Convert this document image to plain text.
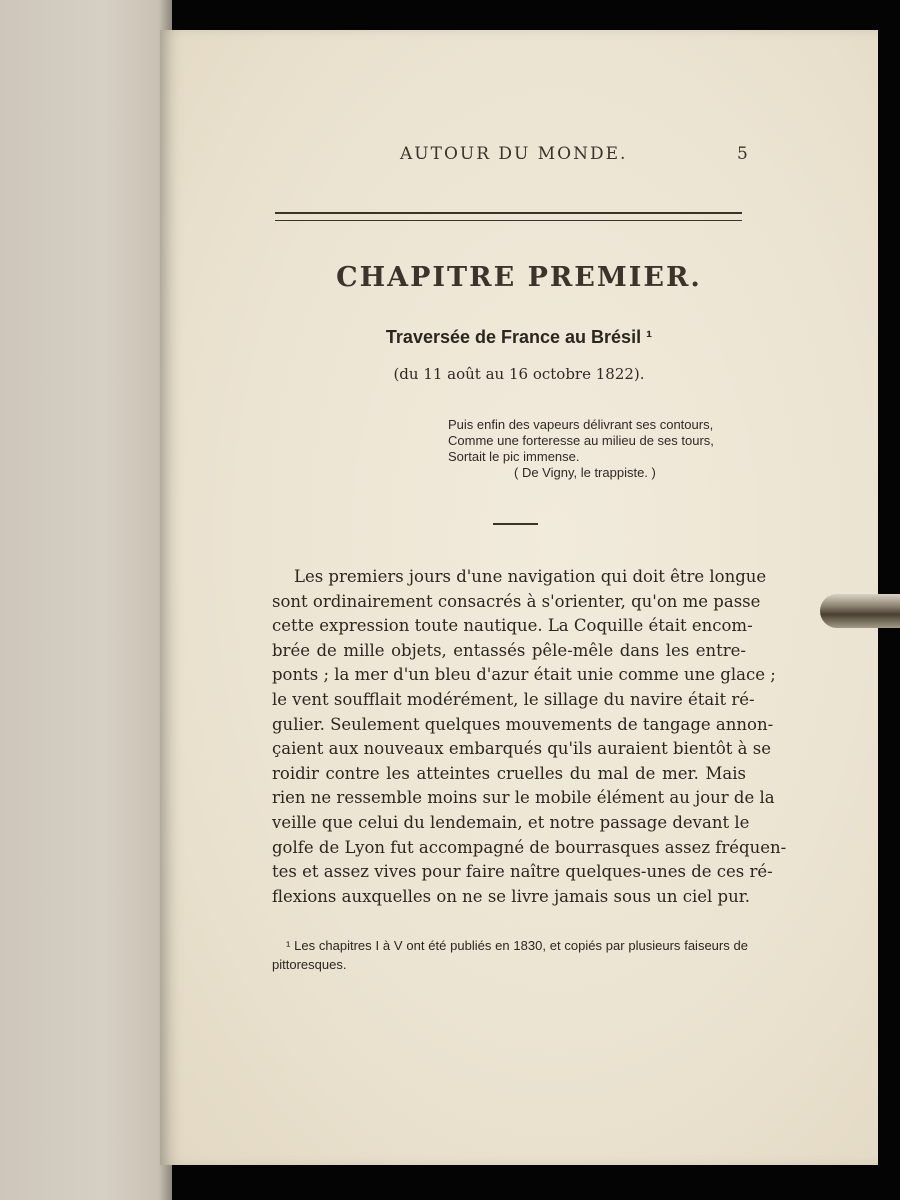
AUTOUR DU MONDE.	5
CHAPITRE PREMIER.
Traversée de France au Brésil ¹
(du 11 août au 16 octobre 1822).
Puis enfin des vapeurs délivrant ses contours,
Comme une forteresse au milieu de ses tours,
Sortait le pic immense.
( De Vigny, le trappiste. )
Les premiers jours d'une navigation qui doit être longue
sont ordinairement consacrés à s'orienter, qu'on me passe
cette expression toute nautique. La Coquille était encom-
brée de mille objets, entassés pêle-mêle dans les entre-
ponts ; la mer d'un bleu d'azur était unie comme une glace ;
le vent soufflait modérément, le sillage du navire était ré-
gulier. Seulement quelques mouvements de tangage annon-
çaient aux nouveaux embarqués qu'ils auraient bientôt à se
roidir contre les atteintes cruelles du mal de mer. Mais
rien ne ressemble moins sur le mobile élément au jour de la
veille que celui du lendemain, et notre passage devant le
golfe de Lyon fut accompagné de bourrasques assez fréquen-
tes et assez vives pour faire naître quelques-unes de ces ré-
flexions auxquelles on ne se livre jamais sous un ciel pur.
¹ Les chapitres I à V ont été publiés en 1830, et copiés par plusieurs faiseurs de pittoresques.
